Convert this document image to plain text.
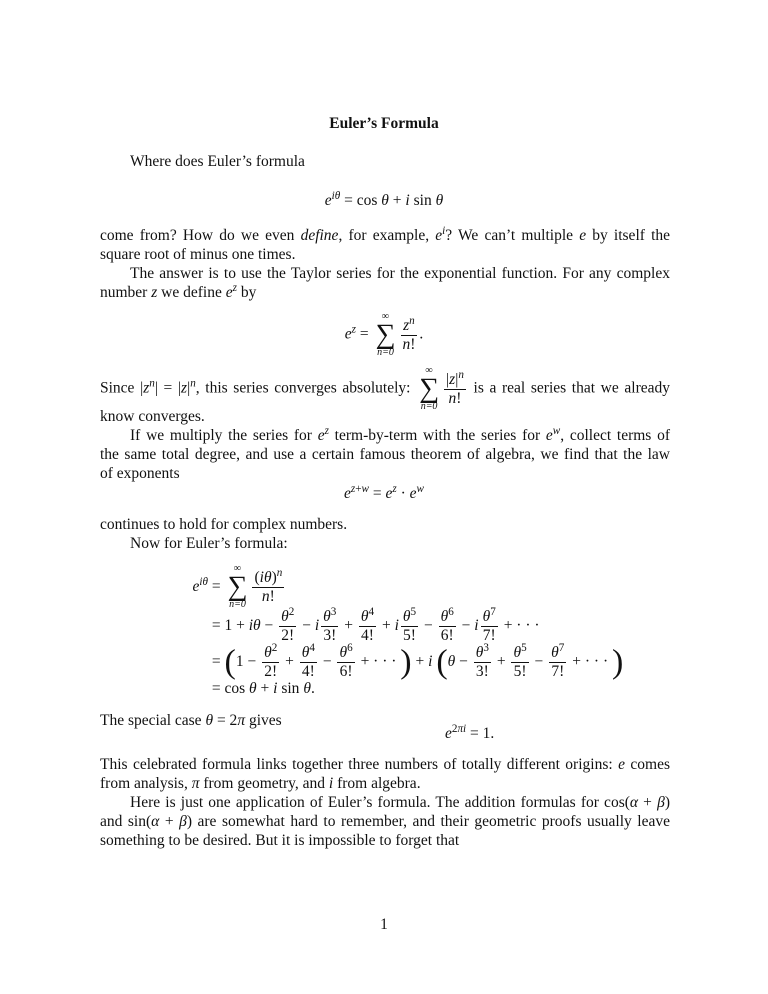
Euler’s Formula
Where does Euler’s formula
$e^{i\theta} = \cos \theta + i$ sin θ
come from? How do we even define, for example, $e^i$? We can’t multiple e by itself the
square root of minus one times.
The answer is to use the Taylor series for the exponential function. For any complex
number z we define $e^z$ by
$e^z$ =
∞
∑
$n=0 \frac{z^n}{n!}$ .
Since $|z^n| = |z|^n$, this series converges absolutely:
∞
∑
$n=0 \frac{|z|^n}{n!}$ is a real series that we already
know converges.
If we multiply the series for $e^z$ term-by-term with the series for $e^w$, collect terms of
the same total degree, and use a certain famous theorem of algebra, we find that the law
of exponents
$e^{z+w} = e^z \cdot e^w$
continues to hold for complex numbers.
Now for Euler’s formula:
$e^{i\theta}$ =
∞
∑
$n=0 \frac{(i\theta)^n}{n!}$
= $1 + i\theta - \frac{\theta^2}{2!} - i \frac{\theta^3}{3!} + \frac{\theta^4}{4!} + i \frac{\theta^5}{5!} - \frac{\theta^6}{6!} - i \frac{\theta^7}{7!}$ + · · ·
= ($1 - \frac{\theta^2}{2!} + \frac{\theta^4}{4!} - \frac{\theta^6}{6!}$ + · · · ) + i ($\theta - \frac{\theta^3}{3!} + \frac{\theta^5}{5!} - \frac{\theta^7}{7!}$ + · · · )
= cos θ + i sin θ.
The special case θ = 2π gives
$e^{2\pi i} = 1$.
This celebrated formula links together three numbers of totally different origins: e comes
from analysis, π from geometry, and i from algebra.
Here is just one application of Euler’s formula. The addition formulas for cos(α + β)
and sin(α + β) are somewhat hard to remember, and their geometric proofs usually leave
something to be desired. But it is impossible to forget that
1
